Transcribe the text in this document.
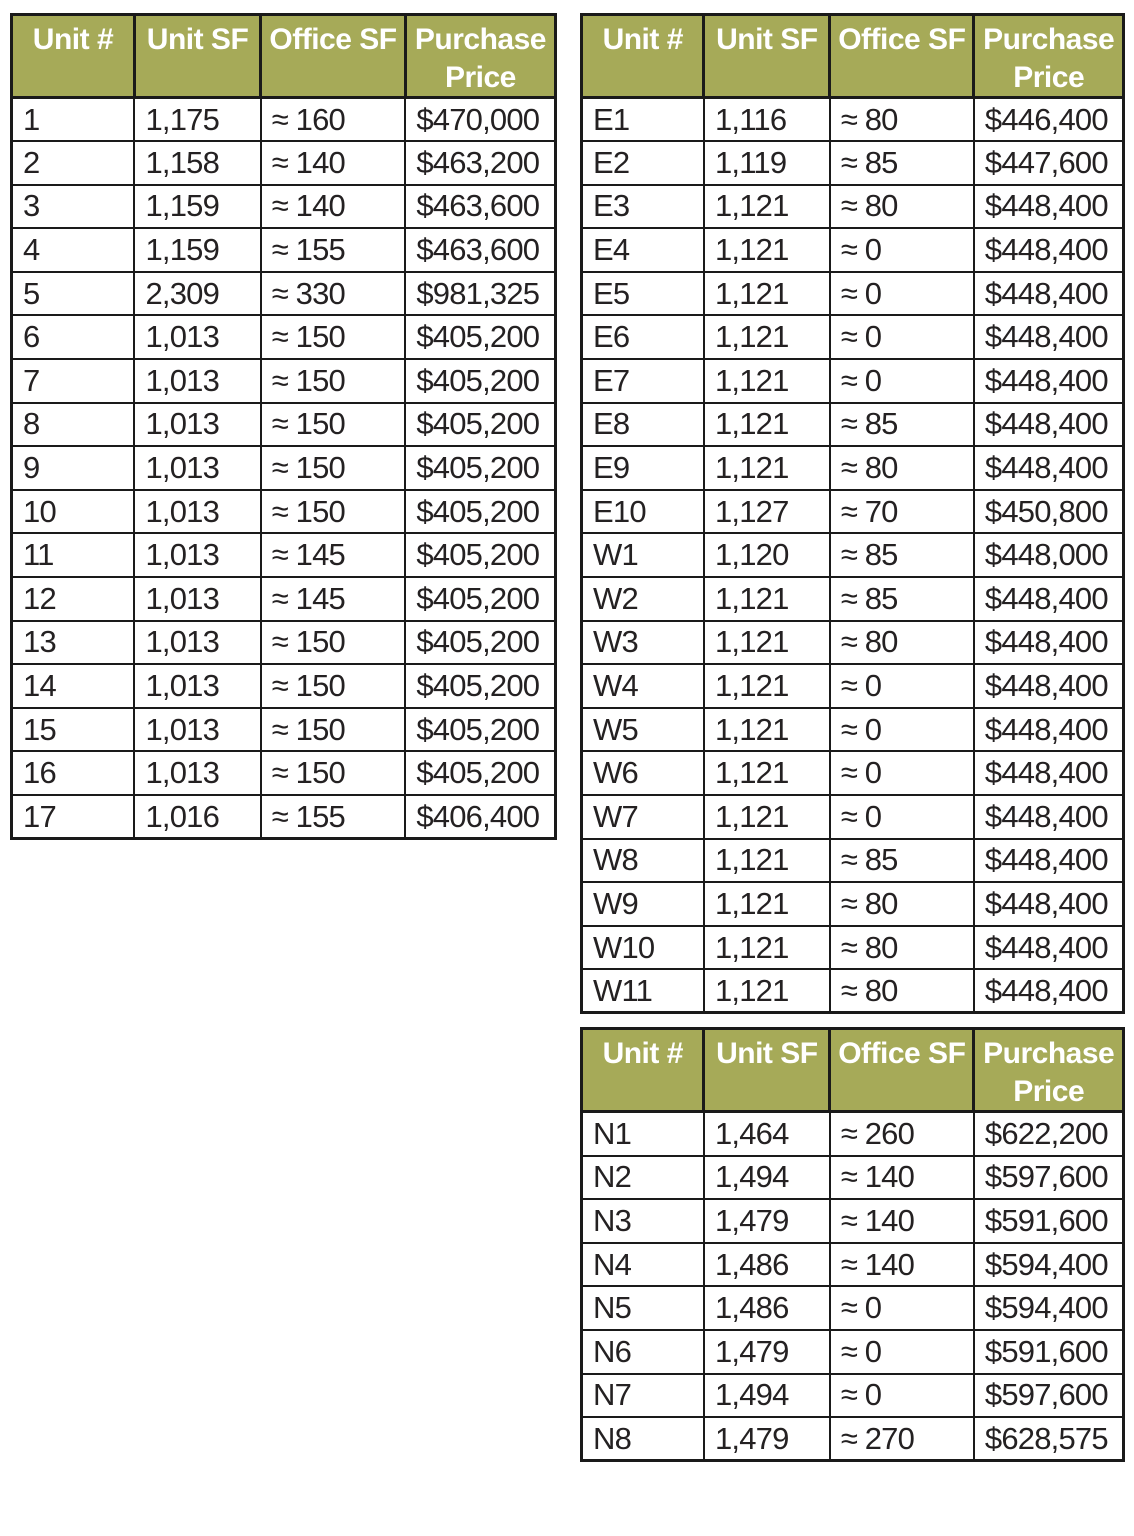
Unit #	Unit SF	Office SF	Purchase Price
1	1,175	≈ 160	$470,000
2	1,158	≈ 140	$463,200
3	1,159	≈ 140	$463,600
4	1,159	≈ 155	$463,600
5	2,309	≈ 330	$981,325
6	1,013	≈ 150	$405,200
7	1,013	≈ 150	$405,200
8	1,013	≈ 150	$405,200
9	1,013	≈ 150	$405,200
10	1,013	≈ 150	$405,200
11	1,013	≈ 145	$405,200
12	1,013	≈ 145	$405,200
13	1,013	≈ 150	$405,200
14	1,013	≈ 150	$405,200
15	1,013	≈ 150	$405,200
16	1,013	≈ 150	$405,200
17	1,016	≈ 155	$406,400
Unit #	Unit SF	Office SF	Purchase Price
E1	1,116	≈ 80	$446,400
E2	1,119	≈ 85	$447,600
E3	1,121	≈ 80	$448,400
E4	1,121	≈ 0	$448,400
E5	1,121	≈ 0	$448,400
E6	1,121	≈ 0	$448,400
E7	1,121	≈ 0	$448,400
E8	1,121	≈ 85	$448,400
E9	1,121	≈ 80	$448,400
E10	1,127	≈ 70	$450,800
W1	1,120	≈ 85	$448,000
W2	1,121	≈ 85	$448,400
W3	1,121	≈ 80	$448,400
W4	1,121	≈ 0	$448,400
W5	1,121	≈ 0	$448,400
W6	1,121	≈ 0	$448,400
W7	1,121	≈ 0	$448,400
W8	1,121	≈ 85	$448,400
W9	1,121	≈ 80	$448,400
W10	1,121	≈ 80	$448,400
W11	1,121	≈ 80	$448,400
Unit #	Unit SF	Office SF	Purchase Price
N1	1,464	≈ 260	$622,200
N2	1,494	≈ 140	$597,600
N3	1,479	≈ 140	$591,600
N4	1,486	≈ 140	$594,400
N5	1,486	≈ 0	$594,400
N6	1,479	≈ 0	$591,600
N7	1,494	≈ 0	$597,600
N8	1,479	≈ 270	$628,575
